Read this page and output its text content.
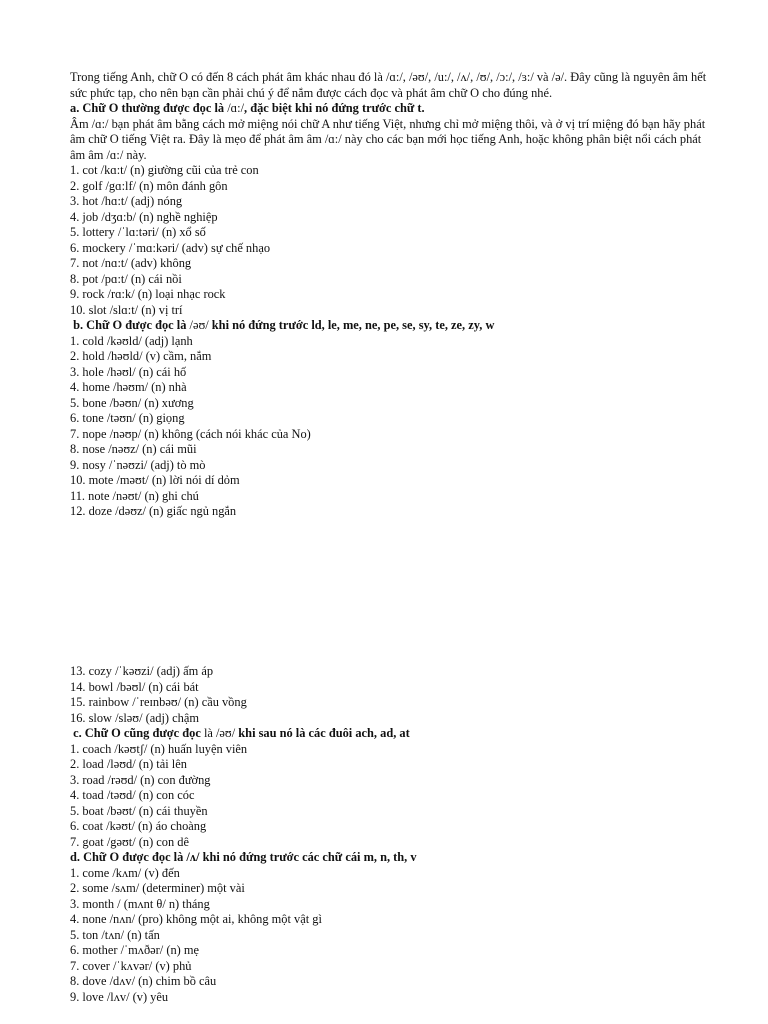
Trong tiếng Anh, chữ O có đến 8 cách phát âm khác nhau đó là /ɑ:/, /əʊ/, /u:/, /ʌ/, /ʊ/, /ɔ:/, /ɜ:/ và /ə/. Đây cũng là nguyên âm hết sức phức tạp, cho nên bạn cần phải chú ý để nắm được cách đọc và phát âm chữ O cho đúng nhé.

a. Chữ O thường được đọc là /ɑ:/, đặc biệt khi nó đứng trước chữ t.

Âm /ɑ:/ bạn phát âm bằng cách mở miệng nói chữ A như tiếng Việt, nhưng chỉ mở miệng thôi, và ở vị trí miệng đó bạn hãy phát âm chữ O tiếng Việt ra. Đây là mẹo để phát âm âm /ɑ:/ này cho các bạn mới học tiếng Anh, hoặc không phân biệt nổi cách phát âm âm /ɑ:/ này.

1. cot /kɑ:t/ (n) giường cũi của trẻ con
2. golf /gɑ:lf/ (n) môn đánh gôn
3. hot /hɑ:t/ (adj) nóng
4. job /dʒɑ:b/ (n) nghề nghiệp
5. lottery /ˈlɑ:təri/ (n) xổ số
6. mockery /ˈmɑ:kəri/ (adv) sự chế nhạo
7. not /nɑ:t/ (adv) không
8. pot /pɑ:t/ (n) cái nồi
9. rock /rɑ:k/ (n) loại nhạc rock
10. slot /slɑ:t/ (n) vị trí
b. Chữ O được đọc là /əʊ/ khi nó đứng trước ld, le, me, ne, pe, se, sy, te, ze, zy, w
1. cold /kəʊld/ (adj) lạnh
2. hold /həʊld/ (v) cầm, nắm
3. hole /həʊl/ (n) cái hố
4. home /həʊm/ (n) nhà
5. bone /bəʊn/ (n) xương
6. tone /təʊn/ (n) giọng
7. nope /nəʊp/ (n) không (cách nói khác của No)
8. nose /nəʊz/ (n) cái mũi
9. nosy /ˈnəʊzi/ (adj) tò mò
10. mote /məʊt/ (n) lời nói dí dỏm
11. note /nəʊt/ (n) ghi chú
12. doze /dəʊz/ (n) giấc ngủ ngắn
13. cozy /ˈkəʊzi/ (adj) ấm áp
14. bowl /bəʊl/ (n) cái bát
15. rainbow /ˈreɪnbəʊ/ (n) cầu vồng
16. slow /sləʊ/ (adj) chậm
c. Chữ O cũng được đọc là /əʊ/ khi sau nó là các đuôi ach, ad, at
1. coach /kəʊtʃ/ (n) huấn luyện viên
2. load /ləʊd/ (n) tải lên
3. road /rəʊd/ (n) con đường
4. toad /təʊd/ (n) con cóc
5. boat /bəʊt/ (n) cái thuyền
6. coat /kəʊt/ (n) áo choàng
7. goat /gəʊt/ (n) con dê
d. Chữ O được đọc là /ʌ/ khi nó đứng trước các chữ cái m, n, th, v
1. come /kʌm/ (v) đến
2. some /sʌm/ (determiner) một vài
3. month / (mʌnt θ/ n) tháng
4. none /nʌn/ (pro) không một ai, không một vật gì
5. ton /tʌn/ (n) tấn
6. mother /ˈmʌðər/ (n) mẹ
7. cover /ˈkʌvər/ (v) phủ
8. dove /dʌv/ (n) chim bồ câu
9. love /lʌv/ (v) yêu
